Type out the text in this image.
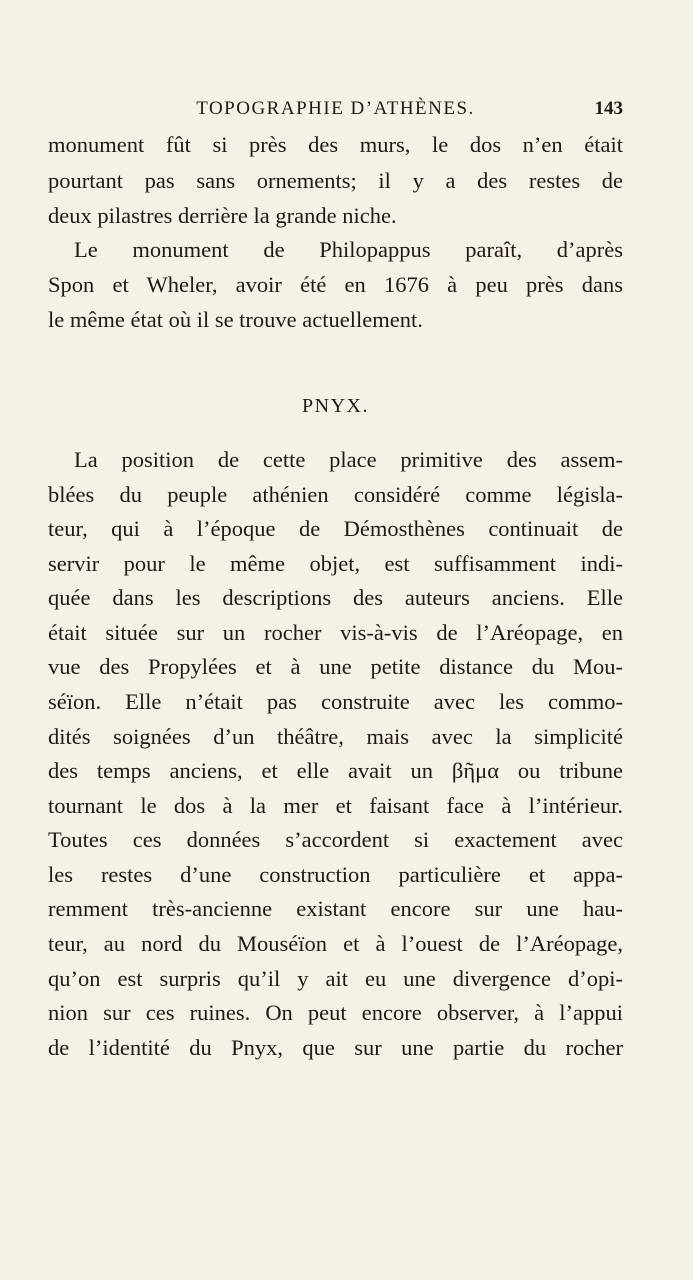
TOPOGRAPHIE D’ATHÈNES.	143
monument fût si près des murs, le dos n’en était
pourtant pas sans ornements; il y a des restes de
deux pilastres derrière la grande niche.
Le monument de Philopappus paraît, d’après
Spon et Wheler, avoir été en 1676 à peu près dans
le même état où il se trouve actuellement.
PNYX.
La position de cette place primitive des assem-
blées du peuple athénien considéré comme législa-
teur, qui à l’époque de Démosthènes continuait de
servir pour le même objet, est suffisamment indi-
quée dans les descriptions des auteurs anciens. Elle
était située sur un rocher vis-à-vis de l’Aréopage, en
vue des Propylées et à une petite distance du Mou-
séïon. Elle n’était pas construite avec les commo-
dités soignées d’un théâtre, mais avec la simplicité
des temps anciens, et elle avait un βῆμα ou tribune
tournant le dos à la mer et faisant face à l’intérieur.
Toutes ces données s’accordent si exactement avec
les restes d’une construction particulière et appa-
remment très-ancienne existant encore sur une hau-
teur, au nord du Mouséïon et à l’ouest de l’Aréopage,
qu’on est surpris qu’il y ait eu une divergence d’opi-
nion sur ces ruines. On peut encore observer, à l’appui
de l’identité du Pnyx, que sur une partie du rocher
